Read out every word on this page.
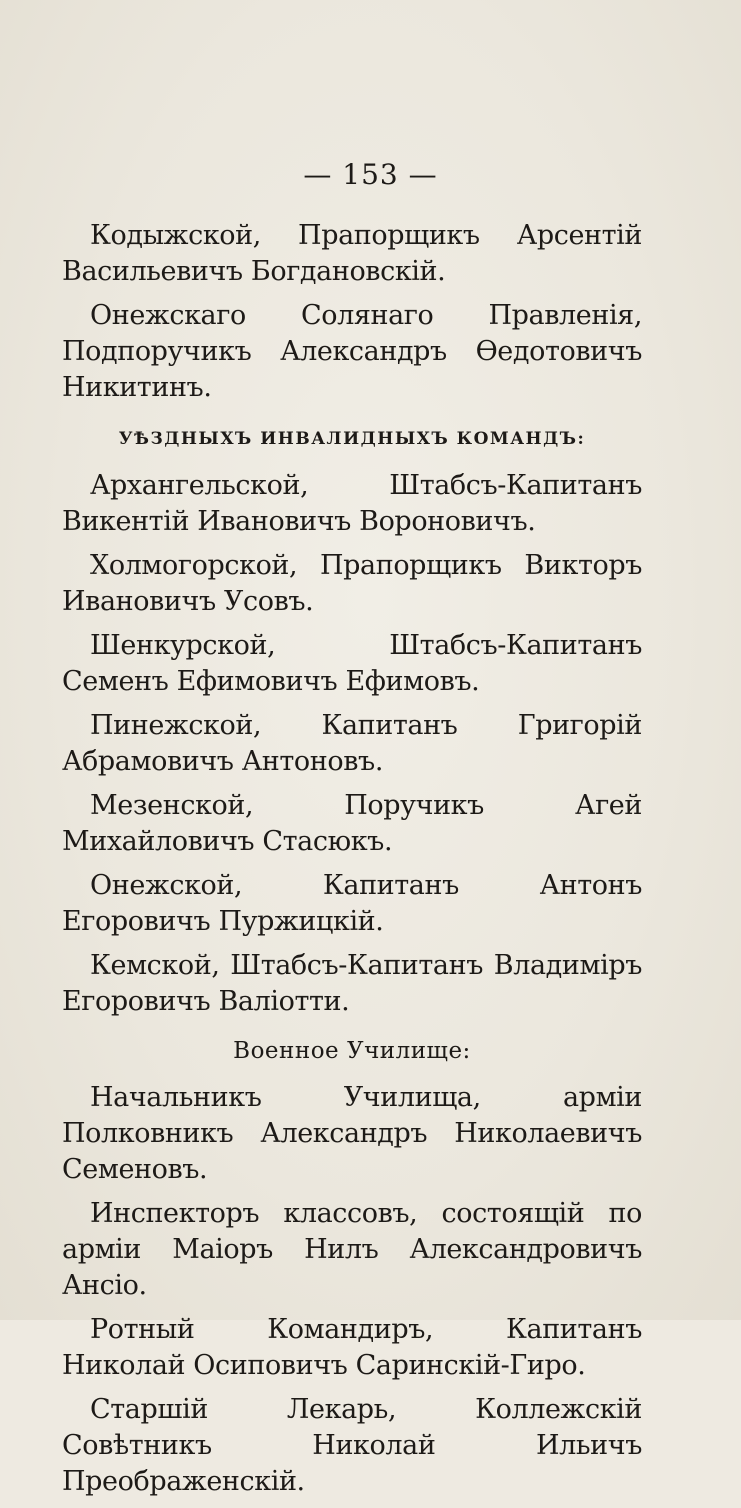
— 153 —

Кодыжской, Прапорщикъ Арсентій Васильевичъ Богдановскій.

Онежскаго Солянаго Правленія, Подпоручикъ Александръ Ѳедотовичъ Никитинъ.

УѢЗДНЫХЪ ИНВАЛИДНЫХЪ КОМАНДЪ:

Архангельской, Штабсъ-Капитанъ Викентій Ивановичъ Вороновичъ.

Холмогорской, Прапорщикъ Викторъ Ивановичъ Усовъ.

Шенкурской, Штабсъ-Капитанъ Семенъ Ефимовичъ Ефимовъ.

Пинежской, Капитанъ Григорій Абрамовичъ Антоновъ.

Мезенской, Поручикъ Агей Михайловичъ Стасюкъ.

Онежской, Капитанъ Антонъ Егоровичъ Пуржицкій.

Кемской, Штабсъ-Капитанъ Владиміръ Егоровичъ Валіотти.

Военное Училище:

Начальникъ Училища, арміи Полковникъ Александръ Николаевичъ Семеновъ.

Инспекторъ классовъ, состоящій по арміи Маіоръ Нилъ Александровичъ Ансіо.

Ротный Командиръ, Капитанъ Николай Осиповичъ Саринскій-Гиро.

Старшій Лекарь, Коллежскій Совѣтникъ Николай Ильичъ Преображенскій.
